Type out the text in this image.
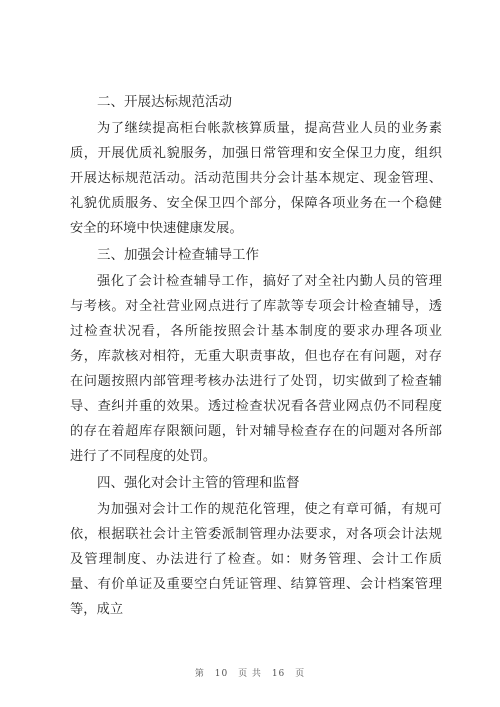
二、开展达标规范活动
为了继续提高柜台帐款核算质量，提高营业人员的业务素质，开展优质礼貌服务，加强日常管理和安全保卫力度，组织开展达标规范活动。活动范围共分会计基本规定、现金管理、礼貌优质服务、安全保卫四个部分，保障各项业务在一个稳健安全的环境中快速健康发展。
三、加强会计检查辅导工作
强化了会计检查辅导工作，搞好了对全社内勤人员的管理与考核。对全社营业网点进行了库款等专项会计检查辅导，透过检查状况看，各所能按照会计基本制度的要求办理各项业务，库款核对相符，无重大职责事故，但也存在有问题，对存在问题按照内部管理考核办法进行了处罚，切实做到了检查辅导、查纠并重的效果。透过检查状况看各营业网点仍不同程度的存在着超库存限额问题，针对辅导检查存在的问题对各所部进行了不同程度的处罚。
四、强化对会计主管的管理和监督
为加强对会计工作的规范化管理，使之有章可循，有规可依，根据联社会计主管委派制管理办法要求，对各项会计法规及管理制度、办法进行了检查。如：财务管理、会计工作质量、有价单证及重要空白凭证管理、结算管理、会计档案管理等，成立
第 10 页 共 16 页
